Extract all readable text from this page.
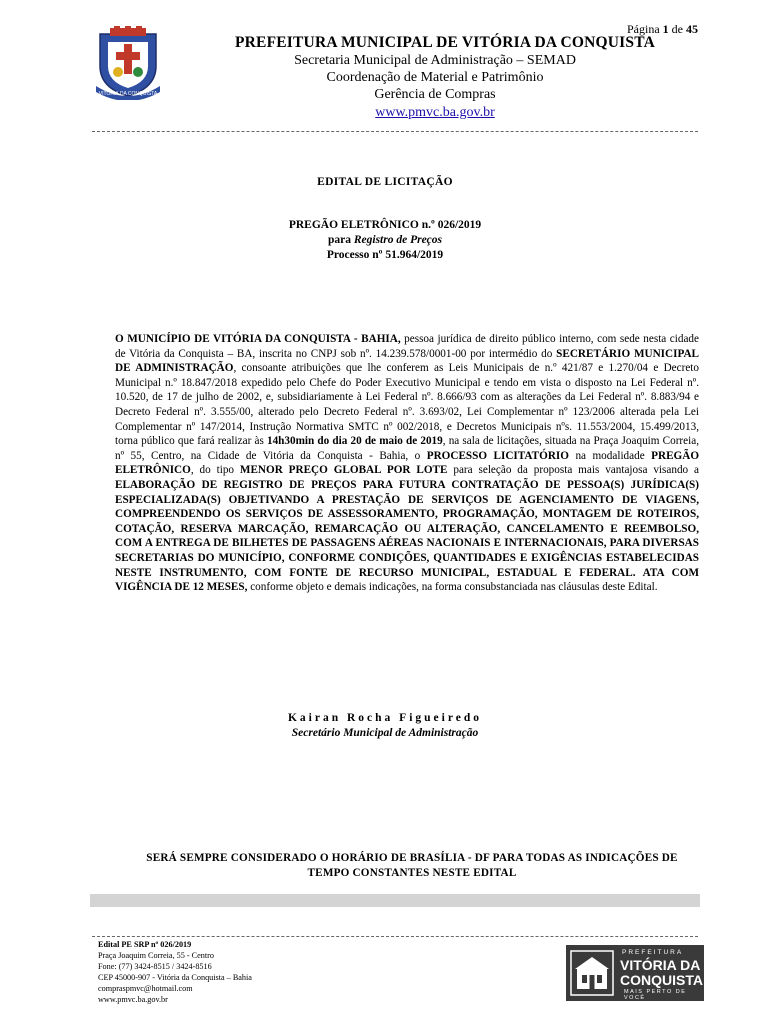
Página 1 de 45
VITÓRIA DA CONQUISTA
PREFEITURA MUNICIPAL DE VITÓRIA DA CONQUISTA
Secretaria Municipal de Administração – SEMAD
Coordenação de Material e Patrimônio
Gerência de Compras
www.pmvc.ba.gov.br
EDITAL DE LICITAÇÃO
PREGÃO ELETRÔNICO n.º 026/2019
para Registro de Preços
Processo nº 51.964/2019
O MUNICÍPIO DE VITÓRIA DA CONQUISTA - BAHIA, pessoa jurídica de direito público interno, com sede nesta cidade de Vitória da Conquista – BA, inscrita no CNPJ sob nº. 14.239.578/0001-00 por intermédio do SECRETÁRIO MUNICIPAL DE ADMINISTRAÇÃO, consoante atribuições que lhe conferem as Leis Municipais de n.º 421/87 e 1.270/04 e Decreto Municipal n.º 18.847/2018 expedido pelo Chefe do Poder Executivo Municipal e tendo em vista o disposto na Lei Federal nº. 10.520, de 17 de julho de 2002, e, subsidiariamente à Lei Federal nº. 8.666/93 com as alterações da Lei Federal nº. 8.883/94 e Decreto Federal nº. 3.555/00, alterado pelo Decreto Federal nº. 3.693/02, Lei Complementar nº 123/2006 alterada pela Lei Complementar nº 147/2014, Instrução Normativa SMTC nº 002/2018, e Decretos Municipais nºs. 11.553/2004, 15.499/2013, torna público que fará realizar às 14h30min do dia 20 de maio de 2019, na sala de licitações, situada na Praça Joaquim Correia, nº 55, Centro, na Cidade de Vitória da Conquista - Bahia, o PROCESSO LICITATÓRIO na modalidade PREGÃO ELETRÔNICO, do tipo MENOR PREÇO GLOBAL POR LOTE para seleção da proposta mais vantajosa visando a ELABORAÇÃO DE REGISTRO DE PREÇOS PARA FUTURA CONTRATAÇÃO DE PESSOA(S) JURÍDICA(S) ESPECIALIZADA(S) OBJETIVANDO A PRESTAÇÃO DE SERVIÇOS DE AGENCIAMENTO DE VIAGENS, COMPREENDENDO OS SERVIÇOS DE ASSESSORAMENTO, PROGRAMAÇÃO, MONTAGEM DE ROTEIROS, COTAÇÃO, RESERVA MARCAÇÃO, REMARCAÇÃO OU ALTERAÇÃO, CANCELAMENTO E REEMBOLSO, COM A ENTREGA DE BILHETES DE PASSAGENS AÉREAS NACIONAIS E INTERNACIONAIS, PARA DIVERSAS SECRETARIAS DO MUNICÍPIO, CONFORME CONDIÇÕES, QUANTIDADES E EXIGÊNCIAS ESTABELECIDAS NESTE INSTRUMENTO, COM FONTE DE RECURSO MUNICIPAL, ESTADUAL E FEDERAL. ATA COM VIGÊNCIA DE 12 MESES, conforme objeto e demais indicações, na forma consubstanciada nas cláusulas deste Edital.
Kairan Rocha Figueiredo
Secretário Municipal de Administração
SERÁ SEMPRE CONSIDERADO O HORÁRIO DE BRASÍLIA - DF PARA TODAS AS INDICAÇÕES DE
TEMPO CONSTANTES NESTE EDITAL
Edital PE SRP nº 026/2019
Praça Joaquim Correia, 55 - Centro
Fone: (77) 3424-8515 / 3424-8516
CEP 45000-907 - Vitória da Conquista – Bahia
compraspmvc@hotmail.com
www.pmvc.ba.gov.br
PREFEITURA
VITÓRIA DA
CONQUISTA
MAIS PERTO DE VOCÊ
